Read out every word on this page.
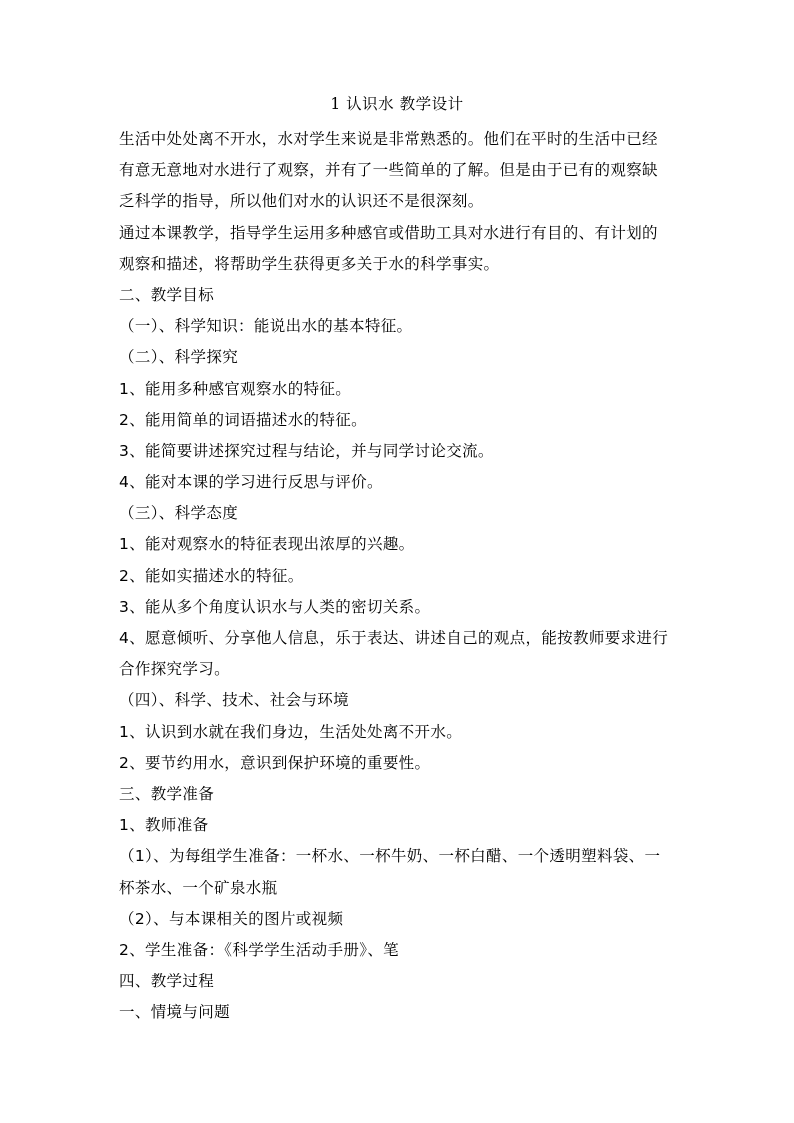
1 认识水 教学设计
生活中处处离不开水，水对学生来说是非常熟悉的。他们在平时的生活中已经
有意无意地对水进行了观察，并有了一些简单的了解。但是由于已有的观察缺
乏科学的指导，所以他们对水的认识还不是很深刻。
通过本课教学，指导学生运用多种感官或借助工具对水进行有目的、有计划的
观察和描述，将帮助学生获得更多关于水的科学事实。
二、教学目标
（一）、科学知识：能说出水的基本特征。
（二）、科学探究
1、能用多种感官观察水的特征。
2、能用简单的词语描述水的特征。
3、能简要讲述探究过程与结论，并与同学讨论交流。
4、能对本课的学习进行反思与评价。
（三）、科学态度
1、能对观察水的特征表现出浓厚的兴趣。
2、能如实描述水的特征。
3、能从多个角度认识水与人类的密切关系。
4、愿意倾听、分享他人信息，乐于表达、讲述自己的观点，能按教师要求进行
合作探究学习。
（四）、科学、技术、社会与环境
1、认识到水就在我们身边，生活处处离不开水。
2、要节约用水，意识到保护环境的重要性。
三、教学准备
1、教师准备
（1）、为每组学生准备：一杯水、一杯牛奶、一杯白醋、一个透明塑料袋、一
杯茶水、一个矿泉水瓶
（2）、与本课相关的图片或视频
2、学生准备：《科学学生活动手册》、笔
四、教学过程
一、情境与问题
